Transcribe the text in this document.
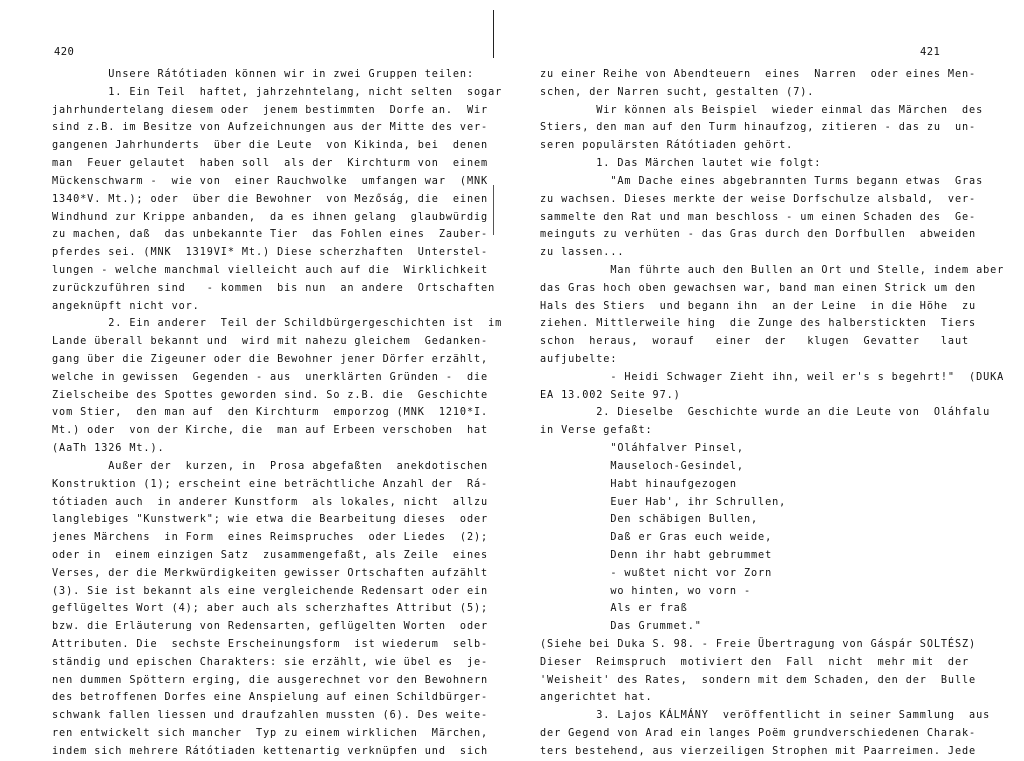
420
Unsere Rátótiaden können wir in zwei Gruppen teilen:
1. Ein Teil  haftet, jahrzehntelang, nicht selten  sogar
jahrhundertelang diesem oder  jenem bestimmten  Dorfe an.  Wir
sind z.B. im Besitze von Aufzeichnungen aus der Mitte des ver-
gangenen Jahrhunderts  über die Leute  von Kikinda, bei  denen
man  Feuer gelautet  haben soll  als der  Kirchturm von  einem
Mückenschwarm -  wie von  einer Rauchwolke  umfangen war  (MNK
1340*V. Mt.); oder  über die Bewohner  von Mezőság, die  einen
Windhund zur Krippe anbanden,  da es ihnen gelang  glaubwürdig
zu machen, daß  das unbekannte Tier  das Fohlen eines  Zauber-
pferdes sei. (MNK  1319VI* Mt.) Diese scherzhaften  Unterstel-
lungen - welche manchmal vielleicht auch auf die  Wirklichkeit
zurückzuführen sind   - kommen  bis nun  an andere  Ortschaften
angeknüpft nicht vor.
2. Ein anderer  Teil der Schildbürgergeschichten ist  im
Lande überall bekannt und  wird mit nahezu gleichem  Gedanken-
gang über die Zigeuner oder die Bewohner jener Dörfer erzählt,
welche in gewissen  Gegenden - aus  unerklärten Gründen -  die
Zielscheibe des Spottes geworden sind. So z.B. die  Geschichte
vom Stier,  den man auf  den Kirchturm  emporzog (MNK  1210*I.
Mt.) oder  von der Kirche, die  man auf Erbeen verschoben  hat
(AaTh 1326 Mt.).
Außer der  kurzen, in  Prosa abgefaßten  anekdotischen
Konstruktion (1); erscheint eine beträchtliche Anzahl der  Rá-
tótiaden auch  in anderer Kunstform  als lokales, nicht  allzu
langlebiges "Kunstwerk"; wie etwa die Bearbeitung dieses  oder
jenes Märchens  in Form  eines Reimspruches  oder Liedes  (2);
oder in  einem einzigen Satz  zusammengefaßt, als Zeile  eines
Verses, der die Merkwürdigkeiten gewisser Ortschaften aufzählt
(3). Sie ist bekannt als eine vergleichende Redensart oder ein
geflügeltes Wort (4); aber auch als scherzhaftes Attribut (5);
bzw. die Erläuterung von Redensarten, geflügelten Worten  oder
Attributen. Die  sechste Erscheinungsform  ist wiederum  selb-
ständig und epischen Charakters: sie erzählt, wie übel es  je-
nen dummen Spöttern erging, die ausgerechnet vor den Bewohnern
des betroffenen Dorfes eine Anspielung auf einen Schildbürger-
schwank fallen liessen und draufzahlen mussten (6). Des weite-
ren entwickelt sich mancher  Typ zu einem wirklichen  Märchen,
indem sich mehrere Rátótiaden kettenartig verknüpfen und  sich
421
zu einer Reihe von Abendteuern  eines  Narren  oder eines Men-
schen, der Narren sucht, gestalten (7).
Wir können als Beispiel  wieder einmal das Märchen  des
Stiers, den man auf den Turm hinaufzog, zitieren - das zu  un-
seren populärsten Rátótiaden gehört.
1. Das Märchen lautet wie folgt:
"Am Dache eines abgebrannten Turms begann etwas  Gras
zu wachsen. Dieses merkte der weise Dorfschulze alsbald,  ver-
sammelte den Rat und man beschloss - um einen Schaden des  Ge-
meinguts zu verhüten - das Gras durch den Dorfbullen  abweiden
zu lassen...
Man führte auch den Bullen an Ort und Stelle, indem aber
das Gras hoch oben gewachsen war, band man einen Strick um den
Hals des Stiers  und begann ihn  an der Leine  in die Höhe  zu
ziehen. Mittlerweile hing  die Zunge des halberstickten  Tiers
schon  heraus,  worauf   einer  der   klugen  Gevatter   laut
aufjubelte:
- Heidi Schwager Zieht ihn, weil er's s begehrt!"  (DUKA
EA 13.002 Seite 97.)
2. Dieselbe  Geschichte wurde an die Leute von  Oláhfalu
in Verse gefaßt:
"Oláhfalver Pinsel,
Mauseloch-Gesindel,
Habt hinaufgezogen
Euer Hab', ihr Schrullen,
Den schäbigen Bullen,
Daß er Gras euch weide,
Denn ihr habt gebrummet
- wußtet nicht vor Zorn
wo hinten, wo vorn -
Als er fraß
Das Grummet."
(Siehe bei Duka S. 98. - Freie Übertragung von Gáspár SOLTÉSZ)
Dieser  Reimspruch  motiviert den  Fall  nicht  mehr mit  der
'Weisheit' des Rates,  sondern mit dem Schaden, den der  Bulle
angerichtet hat.
3. Lajos KÁLMÁNY  veröffentlicht in seiner Sammlung  aus
der Gegend von Arad ein langes Poëm grundverschiedenen Charak-
ters bestehend, aus vierzeiligen Strophen mit Paarreimen. Jede
